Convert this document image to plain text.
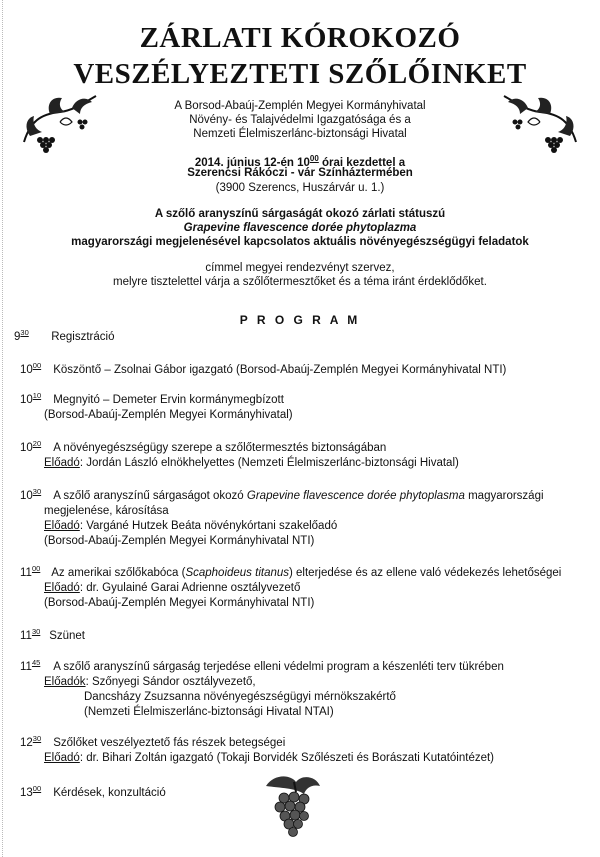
ZÁRLATI KÓROKOZÓ
VESZÉLYEZTETI SZŐLŐINKET
A Borsod-Abaúj-Zemplén Megyei Kormányhivatal
Növény- és Talajvédelmi Igazgatósága és a
Nemzeti Élelmiszerlánc-biztonsági Hivatal
2014. június 12-én $10^{00}$ órai kezdettel a
Szerencsi Rákóczi - vár Színháztermében
(3900 Szerencs, Huszárvár u. 1.)
A szőlő aranyszínű sárgaságát okozó zárlati státuszú
Grapevine flavescence dorée phytoplazma
magyarországi megjelenésével kapcsolatos aktuális növényegészségügyi feladatok
címmel megyei rendezvényt szervez,
melyre tisztelettel várja a szőlőtermesztőket és a téma iránt érdeklődőket.
P R O G R A M
$9^{30}$ Regisztráció
$10^{00}$ Köszöntő – Zsolnai Gábor igazgató (Borsod-Abaúj-Zemplén Megyei Kormányhivatal NTI)
$10^{10}$ Megnyitó – Demeter Ervin kormánymegbízott
(Borsod-Abaúj-Zemplén Megyei Kormányhivatal)
$10^{20}$ A növényegészségügy szerepe a szőlőtermesztés biztonságában
Előadó: Jordán László elnökhelyettes (Nemzeti Élelmiszerlánc-biztonsági Hivatal)
$10^{30}$ A szőlő aranyszínű sárgaságot okozó Grapevine flavescence dorée phytoplasma magyarországi
megjelenése, károsítása
Előadó: Vargáné Hutzek Beáta növénykórtani szakelőadó
(Borsod-Abaúj-Zemplén Megyei Kormányhivatal NTI)
$11^{00}$ Az amerikai szőlőkabóca (Scaphoideus titanus) elterjedése és az ellene való védekezés lehetőségei
Előadó: dr. Gyulainé Garai Adrienne osztályvezető
(Borsod-Abaúj-Zemplén Megyei Kormányhivatal NTI)
$11^{30}$ Szünet
$11^{45}$ A szőlő aranyszínű sárgaság terjedése elleni védelmi program a készenléti terv tükrében
Előadók: Szőnyegi Sándor osztályvezető,
Dancsházy Zsuzsanna növényegészségügyi mérnökszakértő
(Nemzeti Élelmiszerlánc-biztonsági Hivatal NTAI)
$12^{30}$ Szőlőket veszélyeztető fás részek betegségei
Előadó: dr. Bihari Zoltán igazgató (Tokaji Borvidék Szőlészeti és Borászati Kutatóintézet)
$13^{00}$ Kérdések, konzultáció
